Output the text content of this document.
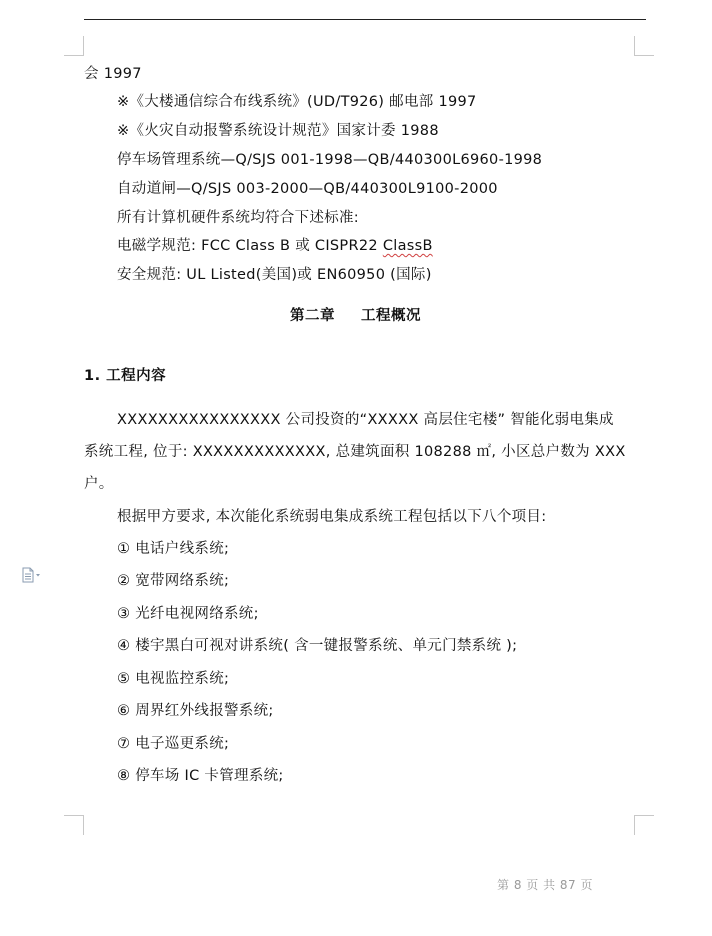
会 1997
※《大楼通信综合布线系统》(UD/T926) 邮电部 1997
※《火灾自动报警系统设计规范》国家计委 1988
停车场管理系统—Q/SJS 001-1998—QB/440300L6960-1998
自动道闸—Q/SJS 003-2000—QB/440300L9100-2000
所有计算机硬件系统均符合下述标准:
电磁学规范: FCC Class B 或 CISPR22 ClassB
安全规范: UL Listed(美国)或 EN60950 (国际)
第二章 工程概况
1. 工程内容
XXXXXXXXXXXXXXXX 公司投资的“XXXXX 高层住宅楼” 智能化弱电集成
系统工程, 位于: XXXXXXXXXXXXX, 总建筑面积 108288 ㎡, 小区总户数为 XXX
户。
根据甲方要求, 本次能化系统弱电集成系统工程包括以下八个项目:
① 电话户线系统;
② 宽带网络系统;
③ 光纤电视网络系统;
④ 楼宇黑白可视对讲系统( 含一键报警系统、单元门禁系统 );
⑤ 电视监控系统;
⑥ 周界红外线报警系统;
⑦ 电子巡更系统;
⑧ 停车场 IC 卡管理系统;
第 8 页 共 87 页
